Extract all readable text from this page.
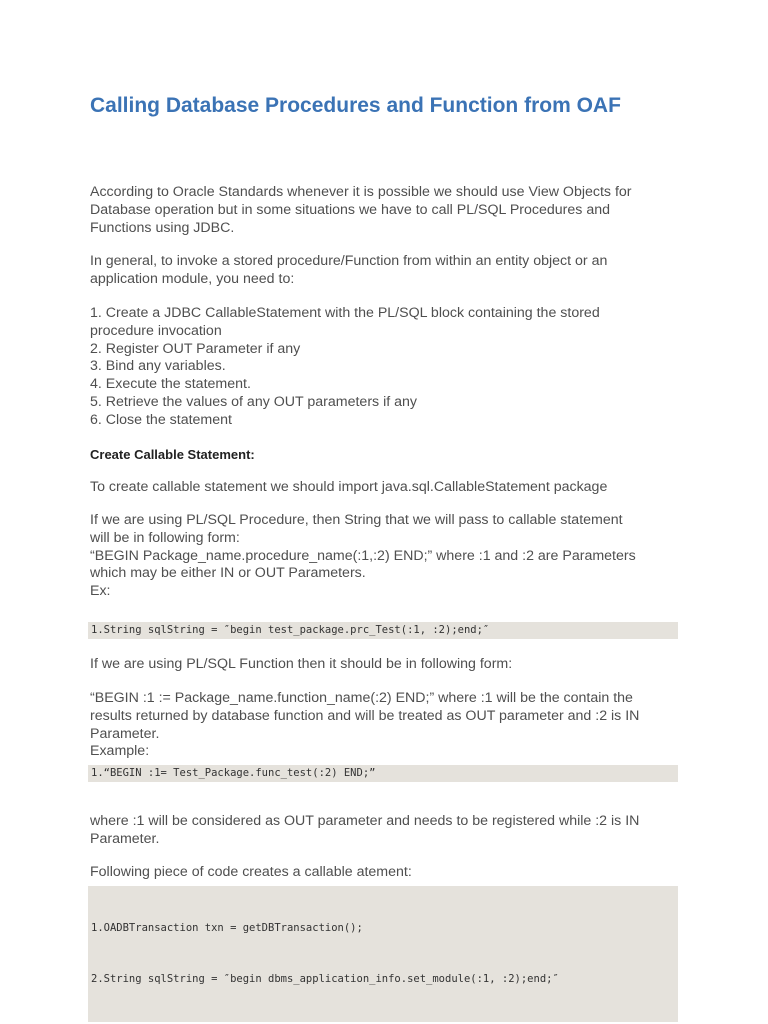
Calling Database Procedures and Function from OAF

According to Oracle Standards whenever it is possible we should use View Objects for
Database operation but in some situations we have to call PL/SQL Procedures and
Functions using JDBC.

In general, to invoke a stored procedure/Function from within an entity object or an
application module, you need to:

1. Create a JDBC CallableStatement with the PL/SQL block containing the stored
procedure invocation
2. Register OUT Parameter if any
3. Bind any variables.
4. Execute the statement.
5. Retrieve the values of any OUT parameters if any
6. Close the statement

Create Callable Statement:

To create callable statement we should import java.sql.CallableStatement package

If we are using PL/SQL Procedure, then String that we will pass to callable statement
will be in following form:
“BEGIN Package_name.procedure_name(:1,:2) END;” where :1 and :2 are Parameters
which may be either IN or OUT Parameters.
Ex:

1.String sqlString = ″begin test_package.prc_Test(:1, :2);end;″

If we are using PL/SQL Function then it should be in following form:

“BEGIN :1 := Package_name.function_name(:2) END;” where :1 will be the contain the
results returned by database function and will be treated as OUT parameter and :2 is IN
Parameter.
Example:

1.“BEGIN :1= Test_Package.func_test(:2) END;”

where :1 will be considered as OUT parameter and needs to be registered while :2 is IN
Parameter.

Following piece of code creates a callable atement:

1.OADBTransaction txn = getDBTransaction();

2.String sqlString = ″begin dbms_application_info.set_module(:1, :2);end;″
